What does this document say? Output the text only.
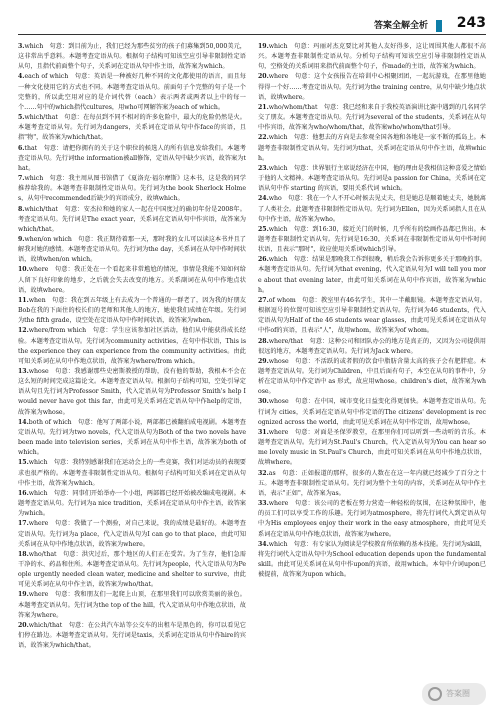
答案全解全析 243

3.which　句意：到目前为止，我们已经为那些贫穷的孩子们募集到50,000美元，这非常出乎意料。本题考查定语从句。根据句子结构可知该空应引导非限制性定语从句，且指代前面整个句子，关系词在定语从句中作主语，故答案为which。

4.each of which　句意：英语是一种被好几种不同的文化都使用的语言，而且每一种文化使用它的方式也不同。本题考查定语从句。前面句子个完整的句子是一个完整的，所以此空用对应的是介词代替（each）表示两者或两者以上中的每一个……句中的which指代cultures，用who可网解答案为each of which。

5.which/that　句意：在每员到不同不相对的许多危险中，最大的危险仍然是火。本题考查定语从句。先行词为dangers，关系词在定语从句中作face的宾语，且指"物"，故答案为which/that。

6.that　句意：请把你拥有的关于这个职位的候选人的所有信息发给我们。本题考查定语从句。先行词the information被all修饰，定语从句中缺少宾语，故答案为that。

7.which　句意：我主周从图书馆借了《夏洛克·福尔摩斯》这本书，这是我的同学推荐给我的。本题考查非限制性定语从句。先行词为the book Sherlock Holmes，从句中recommended后缺少的宾语成分，故填which。

8.which/that　句意：安杰拉和她的家人一起在中国度过的确切年份是2008年。考查定语从句。先行词是The exact year，关系词在定语从句中作宾语，故答案为which/that。

9.when/on which　句意：我正期待着那一天，那时我的女儿可以读这本书并且了解我对她的感情。本题考查定语从句。先行词为the day，关系词在从句中作时间状语，故填when/on which。

10.where　句意：我正处在一个看起来非常尴尬的情况，事情是我能不知如何给人留下良好印象的地步，之后就会失去改变的地方。关系副词在从句中作地点状语，故填where。

11.when　句意：我在到五年级上有去成为一个普通的一群老了，因为我的好朋友Bob在我的下面住的校长们的老师和其他人的地方，她使我们成绩在年级。先行词为the fifth grade，设空处在定语从句中作时间状语，故答案为when。

12.where/from which　句意：学生应该参加社区活动，他们从中能获得成长经验。本题考查定语从句。先行词为community activities，在句中作状语，This is the experience they can experience from the community activities。由此可知关系词在从句中作地点状语，故答案为where/from which。

13.whose　句意：我感谢那些史密斯教授的帮助，没有他的帮助，我根本不会在这么短的时间完成这篇论文。本题考查定语从句。根据句子结构可知，空处引导定语从句且先行词为Professor Smith，代入定语从句为Professor Smith's help I would never have got this far，由此可见关系词在定语从句中作help的定语，故答案为whose。

14.both of which　句意：他写了两部小说，两部都已被翻拍成电视剧。本题考查定语从句。先行词为two novels，代入定语从句为Both of the two novels have been made into television series，关系词在从句中作主语，故答案为both of which。

15.which　句意：我特别感谢我们在运动会上的一些竞赛，我们对运动员的表现要求也很严格的。本题考查非限制性定语从句。根据句子结构可知关系词在定语从句中作主语，故答案为which。

16.which　句意：同事们开始举办一个小组，两部都已经开始被改编成电视剧。本题考查定语从句。先行词为a nice tradition，关系词在定语从句中作主语，故答案为which。

17.where　句意：我做了一个测验，对自己来说，我的成绩是最好的。本题考查定语从句。先行词为a place，代入定语从句为I can go to that place，由此可知关系词在从句中作地点状语，故答案为where。

18.who/that　句意：洪灾过后，那个地区的人们正在受苦。为了生存，他们急需干净的水、药品和住所。本题考查定语从句。先行词为people，代入定语从句为People urgently needed clean water, medicine and shelter to survive，由此可见关系词在从句中作主语，故答案为who/that。

19.where　句意：我和朋友们一起爬上山顶，在那里我们可以欣赏美丽的景色。本题考查定语从句。先行词为the top of the hill，代入定语从句中作地点状语，故答案为where。

20.which/that　句意：在公共汽车站等公交车的出租车是黑色的，你可以看见它们停在路边。本题考查定语从句。先行词是taxis，关系词在定语从句中作hire的宾语，故答案为which/that。

19.which　句意：玛丽对杰克要比对其他人友好得多，这让周围其他人都很不高兴。本题考查非限制性定语从句。分析句子结构可知该空应引导非限制性定语从句，空格处的关系词用来指代前面整个句子，作made的主语，故答案为which。

20.where　句意：这个女孩报告在培训中心相聚团团，一起玩游戏，在那里他她得得一个好……考查定语从句。先行词为the training centre，从句中缺少地点状语，故填where。

21.who/whom/that　句意：我已经和来自于我校英语演讲比赛中遇到的几名同学交了朋友。本题考查定语从句。先行词为several of the students，关系词在从句中作宾语，故答案为who/whom/that，故答案who/whom/that引导。

22.which　句意：他想去的方向是去参观全国各地和各地是一家不断的孤岛上。本题考查非限制性定语从句。先行词为that，关系词在定语从句中作主语，故填which。

23.which　句意：世界银行主席说经济在中国，他的理由是我相信这种喜爱之情始于他的人文精神。本题考查定语从句。先行词是a passion for China，关系词在定语从句中作 starting 的宾语，要用关系代词 which。

24.who　句意：我在一个人不开心时候去见丈夫，但是她总是顺着她丈夫，她脱离了人类社会。此题考查非限制性定语从句。先行词为Ellen，因为关系词指人且在从句中作主语，故答案为who。

25.which　句意：到16:30，接近关门的时候，几乎所有的绘画作品都已售出。本题考查非限制性定语从句。先行词是16:30，关系词在非限制性定语从句中作时间状语，且表示"那时"，故应使用关系词which引导。

26.which　句意：结果是那晚我工作到很晚，稍后我会告诉你更多关于那晚的事。本题考查定语从句。先行词为that evening，代入定语从句为I will tell you more about that evening later，由此可知关系词在从句中作宾语，故答案为which。

27.of whom　句意：教室里有46名学生，其中一半戴眼镜。本题考查定语从句。根据逗号的位置可知该空应引导非限制性定语从句。先行词为46 students，代入定语从句为Half of the 46 students wear glasses，由此可见关系词在定语从句中作of的宾语，且表示"人"，故用whom，故答案为of whom。

28.where/that　句意：这种公司和团队办公的地方是真正的，又因为公司提供用很远的地方，本题考查定语从句。先行词为Jack where。

29.whose　句意：不活跃的或者假的饮食中脂肪含量太高的孩子会有肥胖症。本题考查定语从句。先行词为Children，中且后面有句子，本空在从句的事件中，分析在定语从句中作定语中 as 形式，故应用whose。children's diet，故答案为whose。

30.whose　句意：在中国，城市变化日益变化得更加快。本题考查定语从句。先行词为 cities，关系词在定语从句中作定语的The citizens' development is recognized across the world，由此可见关系词在从句中作定语，故用whose。

31.where　句意：对面是圣保罗教堂，在那里你们可以听到一些动听的音乐。本题考查定语从句。先行词为St.Paul's Church，代入定语从句为You can hear some lovely music in St.Paul's Church，由此可知关系词在从句中作地点状语，故填where。

32.as　句意：正如报道的那样，很多的人数在在这一年内就已经减少了百分之十五。本题考查非限制性定语从句。先行词为整个主句的内容，关系词在从句中作主语，表示"正如"，故答案为as。

33.where　句意：该公司的老板在努力营造一种轻松的氛围，在这种氛围中，他的员工们可以享受工作的乐趣。先行词为atmosphere，将先行词代入到定语从句中为His employees enjoy their work in the easy atmosphere，由此可见关系词在定语从句中作地点状语，故答案为where。

34.which　句意：有专家认为阅读是学校教育所依赖的基本技能。先行词为skill，将先行词代入定语从句中为School education depends upon the fundamental skill。由此可见关系词在从句中作upon的宾语，故用which。本句中介词upon已被提前，故答案为upon which。

答案圈
